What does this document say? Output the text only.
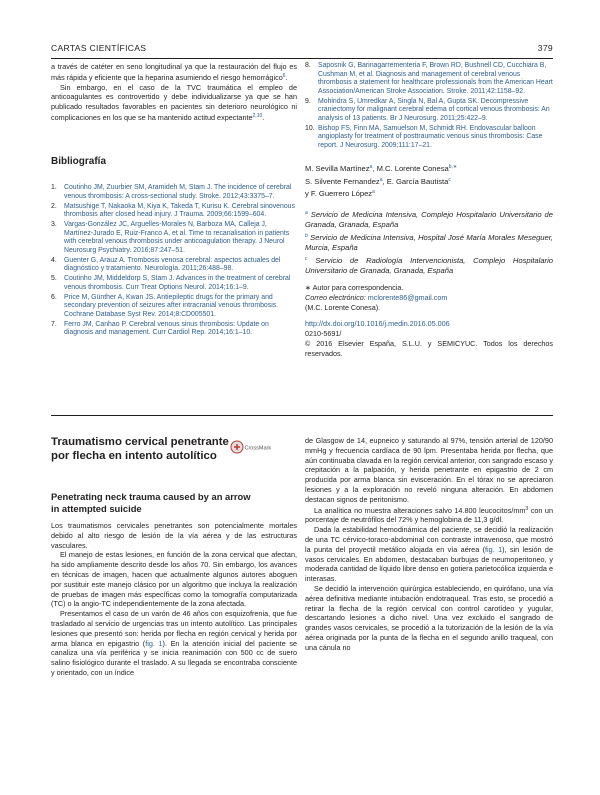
CARTAS CIENTÍFICAS	379

a través de catéter en seno longitudinal ya que la restauración del flujo es más rápida y eficiente que la heparina asumiendo el riesgo hemorrágico$^6$.

Sin embargo, en el caso de la TVC traumática el empleo de anticoagulantes es controvertido y debe individualizarse ya que se han publicado resultados favorables en pacientes sin deterioro neurológico ni complicaciones en los que se ha mantenido actitud expectante$^{2,10}$.

Bibliografía
1. Coutinho JM, Zuurbier SM, Aramideh M, Stam J. The incidence of cerebral venous thrombosis: A cross-sectional study. Stroke. 2012;43:3375–7.
2. Matsushige T, Nakaoka M, Kiya K, Takeda T, Kurisu K. Cerebral sinovenous thrombosis after closed head injury. J Trauma. 2009;66:1599–604.
3. Vargas-González JC, Arguelles-Morales N, Barboza MA, Calleja J, Martínez-Jurado E, Ruiz-Franco A, et al. Time to recanalisation in patients with cerebral venous thrombosis under anticoagulation therapy. J Neurol Neurosurg Psychiatry. 2016;87:247–51.
4. Guenter G, Arauz A. Trombosis venosa cerebral: aspectos actuales del diagnóstico y tratamiento. Neurología. 2011;26:488–98.
5. Coutinho JM, Middeldorp S, Stam J. Advances in the treatment of cerebral venous thrombosis. Curr Treat Options Neurol. 2014;16:1–9.
6. Price M, Günther A, Kwan JS. Antiepileptic drugs for the primary and secondary prevention of seizures after intracranial venous thrombosis. Cochrane Database Syst Rev. 2014;8:CD005501.
7. Ferro JM, Canhao P. Cerebral venous sinus thrombosis: Update on diagnosis and management. Curr Cardiol Rep. 2014;16:1–10.
8. Saposnik G, Barinagarrementeria F, Brown RD, Bushnell CD, Cucchiara B, Cushman M, et al. Diagnosis and management of cerebral venous thrombosis a statement for healthcare professionals from the American Heart Association/American Stroke Association. Stroke. 2011;42:1158–92.
9. Mohindra S, Umredkar A, Singla N, Bal A, Gupta SK. Decompressive craniectomy for malignant cerebral edema of cortical venous thrombosis: An analysis of 13 patients. Br J Neurosurg. 2011;25:422–9.
10. Bishop FS, Finn MA, Samuelson M, Schmidt RH. Endovascular balloon angioplasty for treatment of posttraumatic venous sinus thrombosis: Case report. J Neurosurg. 2009;111:17–21.
M. Sevilla Martínez$^a$, M.C. Lorente Conesa$^{b,∗}$
S. Silvente Fernandez$^a$, E. García Bautista$^c$
y F. Guerrero López$^a$
$^a$ Servicio de Medicina Intensiva, Complejo Hospitalario Universitario de Granada, Granada, España
$^b$ Servicio de Medicina Intensiva, Hospital José María Morales Meseguer, Murcia, España
$^c$ Servicio de Radiología Intervencionista, Complejo Hospitalario Universitario de Granada, Granada, España
∗ Autor para correspondencia.
Correo electrónico: mclorente86@gmail.com
(M.C. Lorente Conesa).
http://dx.doi.org/10.1016/j.medin.2016.05.006
0210-5691/
© 2016 Elsevier España, S.L.U. y SEMICYUC. Todos los derechos reservados.
Traumatismo cervical penetrante por flecha en intento autolítico
CrossMark
Penetrating neck trauma caused by an arrow in attempted suicide

Los traumatismos cervicales penetrantes son potencialmente mortales debido al alto riesgo de lesión de la vía aérea y de las estructuras vasculares.

El manejo de estas lesiones, en función de la zona cervical que afectan, ha sido ampliamente descrito desde los años 70. Sin embargo, los avances en técnicas de imagen, hacen que actualmente algunos autores aboguen por sustituir este manejo clásico por un algoritmo que incluya la realización de pruebas de imagen más específicas como la tomografía computarizada (TC) o la angio-TC independientemente de la zona afectada.

Presentamos el caso de un varón de 46 años con esquizofrenia, que fue trasladado al servicio de urgencias tras un intento autolítico. Las principales lesiones que presentó son: herida por flecha en región cervical y herida por arma blanca en epigastrio (fig. 1). En la atención inicial del paciente se canaliza una vía periférica y se inicia reanimación con 500 cc de suero salino fisiológico durante el traslado. A su llegada se encontraba consciente y orientado, con un índice

de Glasgow de 14, eupneico y saturando al 97%, tensión arterial de 120/90 mmHg y frecuencia cardíaca de 90 lpm. Presentaba herida por flecha, que aún continuaba clavada en la región cervical anterior, con sangrado escaso y crepitación a la palpación, y herida penetrante en epigastrio de 2 cm producida por arma blanca sin evisceración. En el tórax no se apreciaron lesiones y a la exploración no reveló ninguna alteración. En abdomen destacan signos de peritonismo.

La analítica no muestra alteraciones salvo 14.800 leucocitos/$mm^3$ con un porcentaje de neutrófilos del 72% y hemoglobina de 11,3 g/dl.

Dada la estabilidad hemodinámica del paciente, se decidió la realización de una TC cérvico-toraco-abdominal con contraste intravenoso, que mostró la punta del proyectil metálico alojada en vía aérea (fig. 1), sin lesión de vasos cervicales. En abdomen, destacaban burbujas de neumoperitoneo, y moderada cantidad de líquido libre denso en gotiera parietocólica izquierda e interasas.

Se decidió la intervención quirúrgica estableciendo, en quirófano, una vía aérea definitiva mediante intubación endotraqueal. Tras esto, se procedió a retirar la flecha de la región cervical con control carotídeo y yugular, descartando lesiones a dicho nivel. Una vez excluido el sangrado de grandes vasos cervicales, se procedió a la tutorización de la lesión de la vía aérea originada por la punta de la flecha en el segundo anillo traqueal, con una cánula no
